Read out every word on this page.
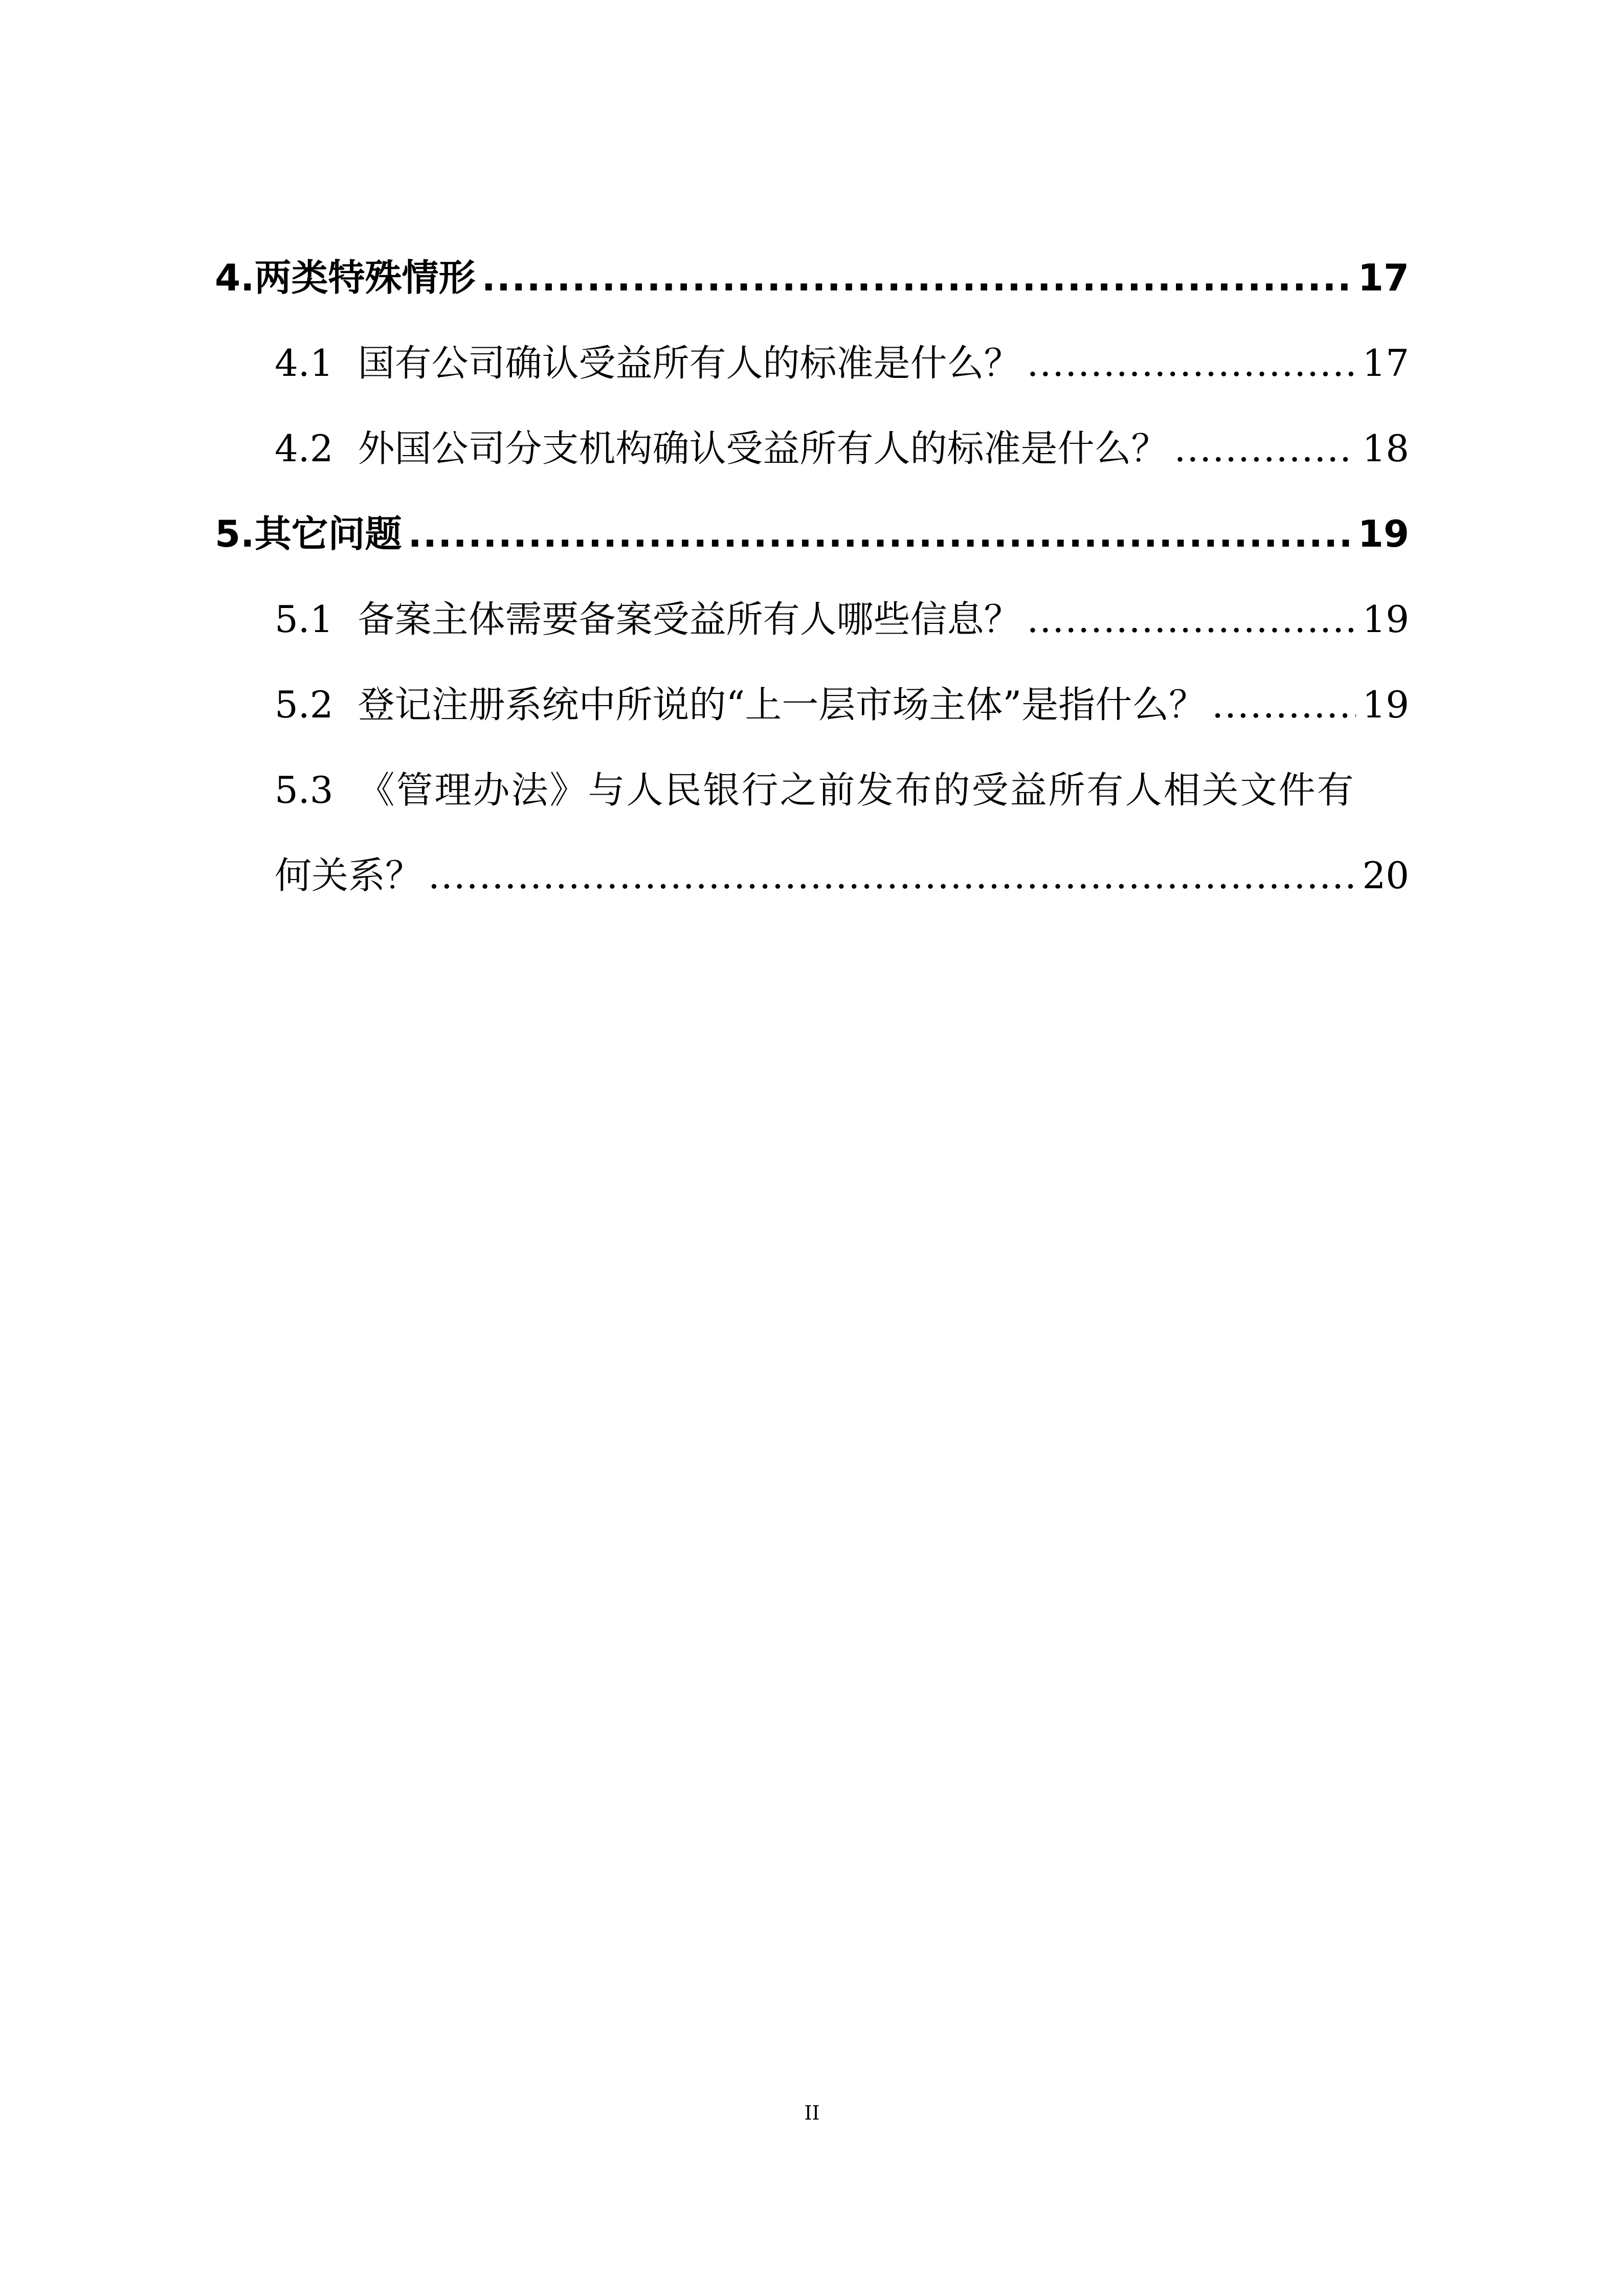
4.两类特殊情形 .....	17
4.1 国有公司确认受益所有人的标准是什么？ .....	17
4.2 外国公司分支机构确认受益所有人的标准是什么？ .....	18
5.其它问题 .....	19
5.1 备案主体需要备案受益所有人哪些信息？ .....	19
5.2 登记注册系统中所说的“上一层市场主体”是指什么？ .....	19
5.3 《管理办法》与人民银行之前发布的受益所有人相关文件有
何关系？ .....	20
II
